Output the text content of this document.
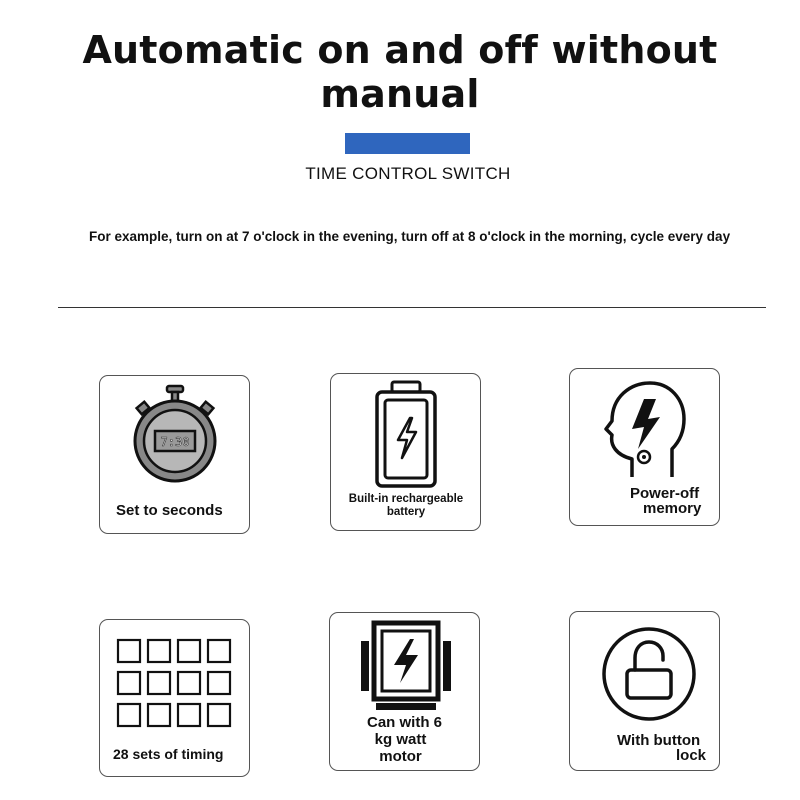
Automatic on and off without manual
TIME CONTROL SWITCH
For example, turn on at 7 o'clock in the evening, turn off at 8 o'clock in the morning, cycle every day
7:30
Set to seconds
Built-in rechargeable battery
Power-off
memory
28 sets of timing
Can with 6
kg watt
motor
With button
lock
